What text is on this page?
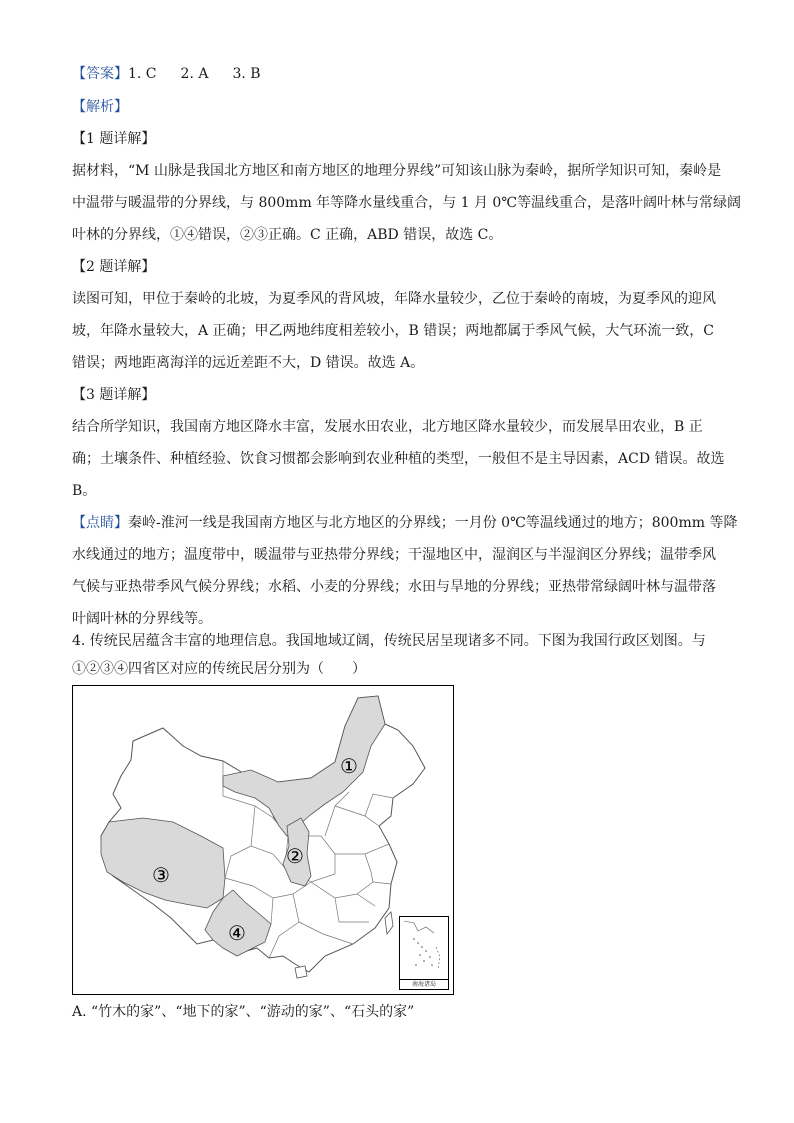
【答案】1. C 2. A 3. B
【解析】
【1 题详解】
据材料，“M 山脉是我国北方地区和南方地区的地理分界线”可知该山脉为秦岭，据所学知识可知，秦岭是
中温带与暖温带的分界线，与 800mm 年等降水量线重合，与 1 月 0℃等温线重合，是落叶阔叶林与常绿阔
叶林的分界线，①④错误，②③正确。C 正确，ABD 错误，故选 C。
【2 题详解】
读图可知，甲位于秦岭的北坡，为夏季风的背风坡，年降水量较少，乙位于秦岭的南坡，为夏季风的迎风
坡，年降水量较大，A 正确；甲乙两地纬度相差较小，B 错误；两地都属于季风气候，大气环流一致，C
错误；两地距离海洋的远近差距不大，D 错误。故选 A。
【3 题详解】
结合所学知识，我国南方地区降水丰富，发展水田农业，北方地区降水量较少，而发展旱田农业，B 正
确；土壤条件、种植经验、饮食习惯都会影响到农业种植的类型，一般但不是主导因素，ACD 错误。故选
B。
【点睛】秦岭-淮河一线是我国南方地区与北方地区的分界线；一月份 0℃等温线通过的地方；800mm 等降
水线通过的地方；温度带中，暖温带与亚热带分界线；干湿地区中，湿润区与半湿润区分界线；温带季风
气候与亚热带季风气候分界线；水稻、小麦的分界线；水田与旱地的分界线；亚热带常绿阔叶林与温带落
叶阔叶林的分界线等。
4. 传统民居蕴含丰富的地理信息。我国地域辽阔，传统民居呈现诸多不同。下图为我国行政区划图。与
①②③④四省区对应的传统民居分别为（　　）
①
②
③
④
南海诸岛
A. “竹木的家”、“地下的家”、“游动的家”、“石头的家”
